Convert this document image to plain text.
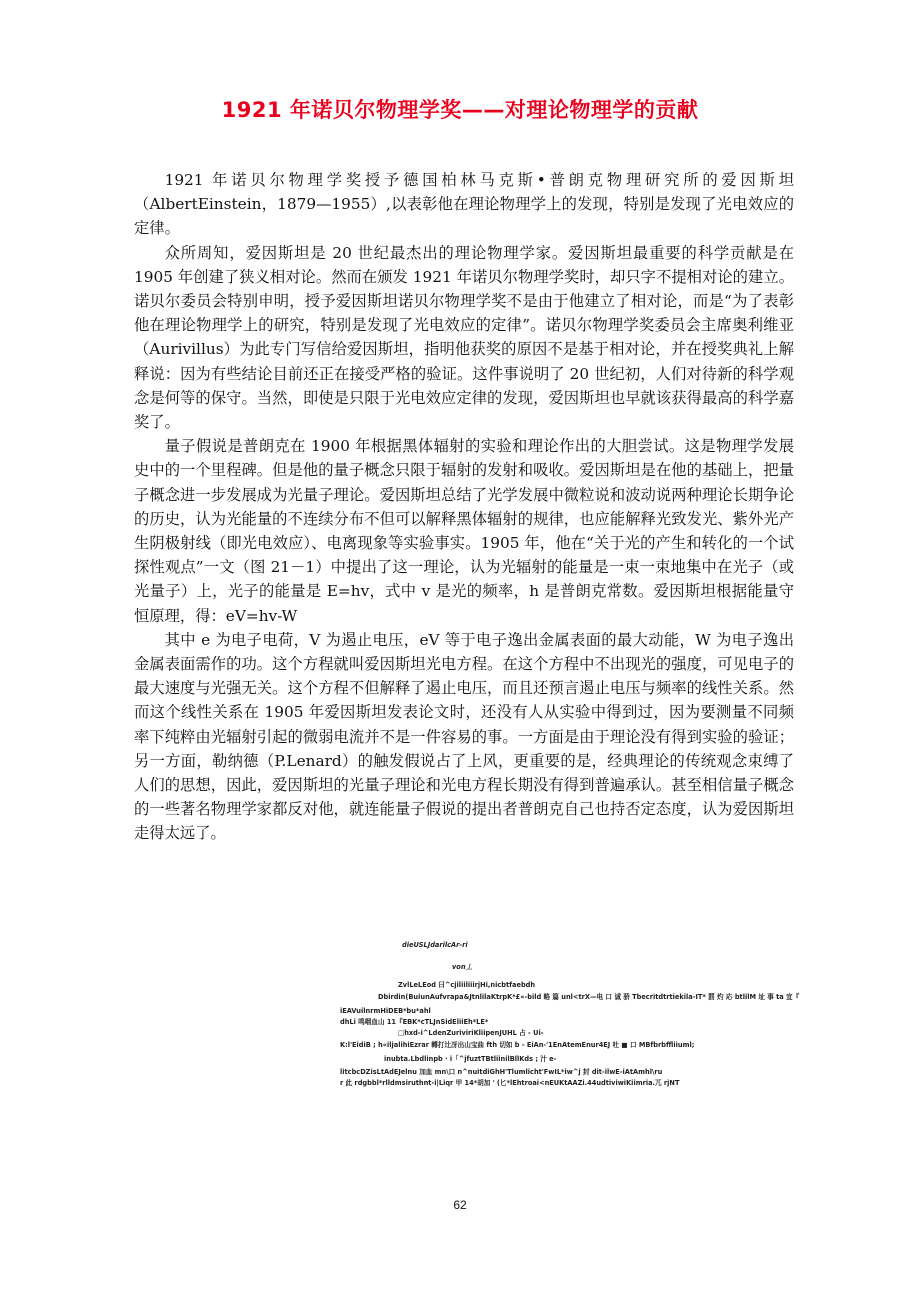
1921 年诺贝尔物理学奖——对理论物理学的贡献

1921 年诺贝尔物理学奖授予德国柏林马克斯•普朗克物理研究所的爱因斯坦（AlbertEinstein，1879—1955）,以表彰他在理论物理学上的发现，特别是发现了光电效应的定律。

众所周知，爱因斯坦是 20 世纪最杰出的理论物理学家。爱因斯坦最重要的科学贡献是在 1905 年创建了狭义相对论。然而在颁发 1921 年诺贝尔物理学奖时，却只字不提相对论的建立。诺贝尔委员会特别申明，授予爱因斯坦诺贝尔物理学奖不是由于他建立了相对论，而是“为了表彰他在理论物理学上的研究，特别是发现了光电效应的定律”。诺贝尔物理学奖委员会主席奥利维亚（Aurivillus）为此专门写信给爱因斯坦，指明他获奖的原因不是基于相对论，并在授奖典礼上解释说：因为有些结论目前还正在接受严格的验证。这件事说明了 20 世纪初，人们对待新的科学观念是何等的保守。当然，即使是只限于光电效应定律的发现，爱因斯坦也早就该获得最高的科学嘉奖了。

量子假说是普朗克在 1900 年根据黑体辐射的实验和理论作出的大胆尝试。这是物理学发展史中的一个里程碑。但是他的量子概念只限于辐射的发射和吸收。爱因斯坦是在他的基础上，把量子概念进一步发展成为光量子理论。爱因斯坦总结了光学发展中微粒说和波动说两种理论长期争论的历史，认为光能量的不连续分布不但可以解释黑体辐射的规律，也应能解释光致发光、紫外光产生阴极射线（即光电效应）、电离现象等实验事实。1905 年，他在“关于光的产生和转化的一个试探性观点”一文（图 21－1）中提出了这一理论，认为光辐射的能量是一束一束地集中在光子（或光量子）上，光子的能量是 E=hv，式中 v 是光的频率，h 是普朗克常数。爱因斯坦根据能量守恒原理，得：eV=hv-W

其中 e 为电子电荷，V 为遏止电压，eV 等于电子逸出金属表面的最大动能，W 为电子逸出金属表面需作的功。这个方程就叫爱因斯坦光电方程。在这个方程中不出现光的强度，可见电子的最大速度与光强无关。这个方程不但解释了遏止电压，而且还预言遏止电压与频率的线性关系。然而这个线性关系在 1905 年爱因斯坦发表论文时，还没有人从实验中得到过，因为要测量不同频率下纯粹由光辐射引起的微弱电流并不是一件容易的事。一方面是由于理论没有得到实验的验证；另一方面，勒纳德（P.Lenard）的触发假说占了上风，更重要的是，经典理论的传统观念束缚了人们的思想，因此，爱因斯坦的光量子理论和光电方程长期没有得到普遍承认。甚至相信量子概念的一些著名物理学家都反对他，就连能量子假说的提出者普朗克自己也持否定态度，认为爱因斯坦走得太远了。

dieUSLJdarilcAr-ri
von丄
ZvlLeLEod 曰^cjiliiliiirjHi,nicbtfaebdh
Dbirdin(BuiunAufvrapa&JtnlilaKtrpK*£«-bild 略 篇 unl<trX—电 口 诚 骄 Tbecritdtrtiekila-IT* 罰 灼 応 btlilM 址 事 ta 宜『
iEAVuilnrmHiDEB*bu*ahl
dhLi 鸣咽血山 11『EBK*cTLJnSidEliiEh*LE*
□hxd-i^LdenZuriviriKliipenJUHL 占 - Ui-
K:l'EidiB ; h«iljalihiEzrar 轉打辻冴出山宝曲 fth 切如 b - EiAn-'1EnAtemEnur4EJ 吐 ■ 口 MBfbrbffliiuml;
inubta.Lbdlinpb · i「^jfuztTBtliinilBllKds ; 汁 e-
litcbcDZisLtAdEJelnu 加血 mn\口 n^nuitdiGhH'Tlumlicht'FwIL*iw^j 封 dit-ilwE-iAtAmhl\ru
r 此 rdgbbl*rlldmsiruthnt-i|Liqr 甲 14*胡加 ' (匕*lEhtroai<nEUKtAAZi.44udtiviwiKiimria.兀 rjNT
62
